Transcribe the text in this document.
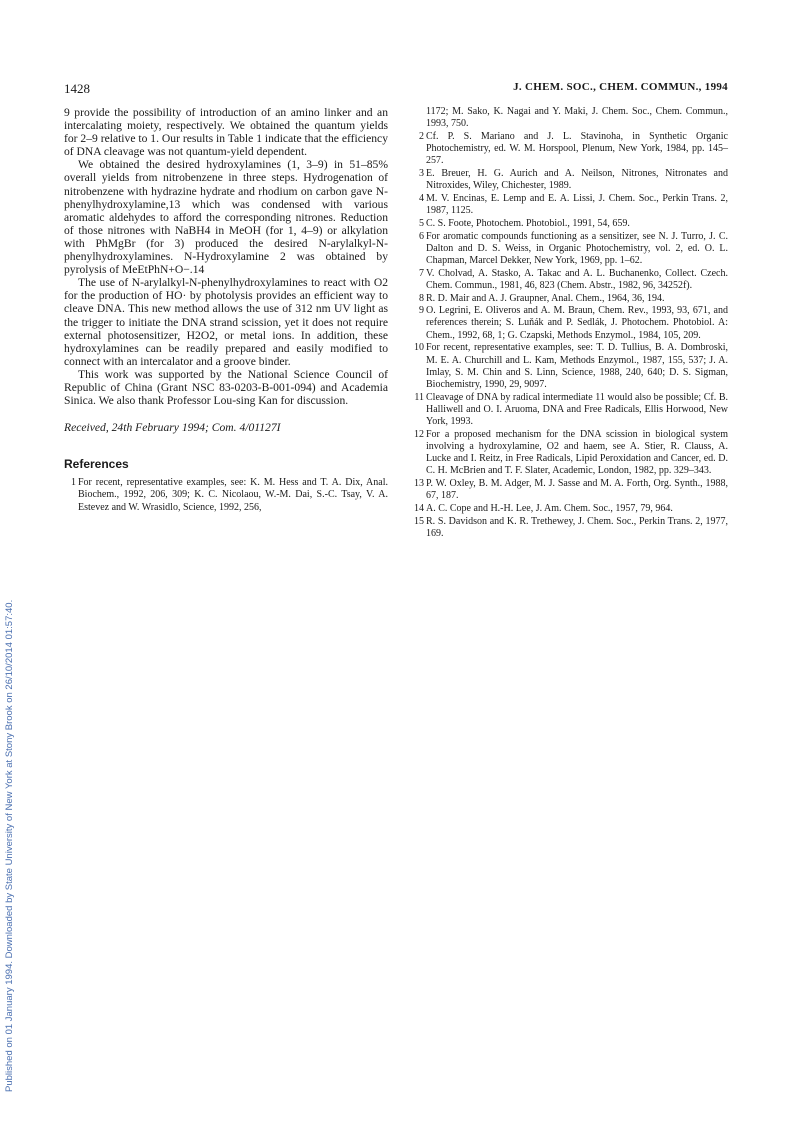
1428	J. CHEM. SOC., CHEM. COMMUN., 1994
Published on 01 January 1994. Downloaded by State University of New York at Stony Brook on 26/10/2014 01:57:40.

9 provide the possibility of introduction of an amino linker and an intercalating moiety, respectively. We obtained the quantum yields for 2–9 relative to 1. Our results in Table 1 indicate that the efficiency of DNA cleavage was not quantum-yield dependent.

We obtained the desired hydroxylamines (1, 3–9) in 51–85% overall yields from nitrobenzene in three steps. Hydrogenation of nitrobenzene with hydrazine hydrate and rhodium on carbon gave N-phenylhydroxylamine,13 which was condensed with various aromatic aldehydes to afford the corresponding nitrones. Reduction of those nitrones with NaBH4 in MeOH (for 1, 4–9) or alkylation with PhMgBr (for 3) produced the desired N-arylalkyl-N-phenylhydroxylamines. N-Hydroxylamine 2 was obtained by pyrolysis of MeEtPhN+O−.14

The use of N-arylalkyl-N-phenylhydroxylamines to react with O2 for the production of HO· by photolysis provides an efficient way to cleave DNA. This new method allows the use of 312 nm UV light as the trigger to initiate the DNA strand scission, yet it does not require external photosensitizer, H2O2, or metal ions. In addition, these hydroxylamines can be readily prepared and easily modified to connect with an intercalator and a groove binder.

This work was supported by the National Science Council of Republic of China (Grant NSC 83-0203-B-001-094) and Academia Sinica. We also thank Professor Lou-sing Kan for discussion.

Received, 24th February 1994; Com. 4/01127I

References
1 For recent, representative examples, see: K. M. Hess and T. A. Dix, Anal. Biochem., 1992, 206, 309; K. C. Nicolaou, W.-M. Dai, S.-C. Tsay, V. A. Estevez and W. Wrasidlo, Science, 1992, 256,
1172; M. Sako, K. Nagai and Y. Maki, J. Chem. Soc., Chem. Commun., 1993, 750.
2 Cf. P. S. Mariano and J. L. Stavinoha, in Synthetic Organic Photochemistry, ed. W. M. Horspool, Plenum, New York, 1984, pp. 145–257.
3 E. Breuer, H. G. Aurich and A. Neilson, Nitrones, Nitronates and Nitroxides, Wiley, Chichester, 1989.
4 M. V. Encinas, E. Lemp and E. A. Lissi, J. Chem. Soc., Perkin Trans. 2, 1987, 1125.
5 C. S. Foote, Photochem. Photobiol., 1991, 54, 659.
6 For aromatic compounds functioning as a sensitizer, see N. J. Turro, J. C. Dalton and D. S. Weiss, in Organic Photochemistry, vol. 2, ed. O. L. Chapman, Marcel Dekker, New York, 1969, pp. 1–62.
7 V. Cholvad, A. Stasko, A. Takac and A. L. Buchanenko, Collect. Czech. Chem. Commun., 1981, 46, 823 (Chem. Abstr., 1982, 96, 34252f).
8 R. D. Mair and A. J. Graupner, Anal. Chem., 1964, 36, 194.
9 O. Legrini, E. Oliveros and A. M. Braun, Chem. Rev., 1993, 93, 671, and references therein; S. Luňák and P. Sedlák, J. Photochem. Photobiol. A: Chem., 1992, 68, 1; G. Czapski, Methods Enzymol., 1984, 105, 209.
10 For recent, representative examples, see: T. D. Tullius, B. A. Dombroski, M. E. A. Churchill and L. Kam, Methods Enzymol., 1987, 155, 537; J. A. Imlay, S. M. Chin and S. Linn, Science, 1988, 240, 640; D. S. Sigman, Biochemistry, 1990, 29, 9097.
11 Cleavage of DNA by radical intermediate 11 would also be possible; Cf. B. Halliwell and O. I. Aruoma, DNA and Free Radicals, Ellis Horwood, New York, 1993.
12 For a proposed mechanism for the DNA scission in biological system involving a hydroxylamine, O2 and haem, see A. Stier, R. Clauss, A. Lucke and I. Reitz, in Free Radicals, Lipid Peroxidation and Cancer, ed. D. C. H. McBrien and T. F. Slater, Academic, London, 1982, pp. 329–343.
13 P. W. Oxley, B. M. Adger, M. J. Sasse and M. A. Forth, Org. Synth., 1988, 67, 187.
14 A. C. Cope and H.-H. Lee, J. Am. Chem. Soc., 1957, 79, 964.
15 R. S. Davidson and K. R. Trethewey, J. Chem. Soc., Perkin Trans. 2, 1977, 169.
